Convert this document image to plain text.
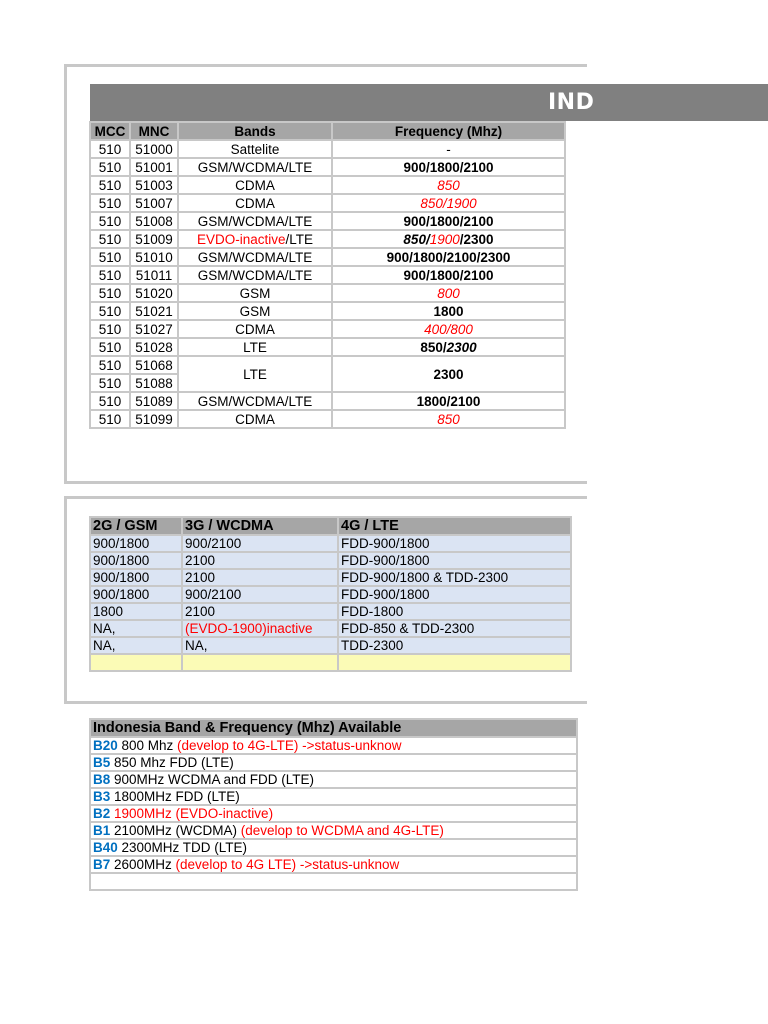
IND
MCC	MNC	Bands	Frequency (Mhz)
510	51000	Sattelite	-
510	51001	GSM/WCDMA/LTE	900/1800/2100
510	51003	CDMA	850
510	51007	CDMA	850/1900
510	51008	GSM/WCDMA/LTE	900/1800/2100
510	51009	EVDO-inactive/LTE	850/1900/2300
510	51010	GSM/WCDMA/LTE	900/1800/2100/2300
510	51011	GSM/WCDMA/LTE	900/1800/2100
510	51020	GSM	800
510	51021	GSM	1800
510	51027	CDMA	400/800
510	51028	LTE	850/2300
510	51068	LTE	2300
510	51088		
510	51089	GSM/WCDMA/LTE	1800/2100
510	51099	CDMA	850
2G / GSM	3G / WCDMA	4G / LTE
900/1800	900/2100	FDD-900/1800
900/1800	2100	FDD-900/1800
900/1800	2100	FDD-900/1800 & TDD-2300
900/1800	900/2100	FDD-900/1800
1800	2100	FDD-1800
NA,	(EVDO-1900)inactive	FDD-850 & TDD-2300
NA,	NA,	TDD-2300

Indonesia Band & Frequency (Mhz) Available
B20 800 Mhz (develop to 4G-LTE) ->status-unknow
B5 850 Mhz FDD (LTE)
B8 900MHz WCDMA and FDD (LTE)
B3 1800MHz FDD (LTE)
B2 1900MHz (EVDO-inactive)
B1 2100MHz (WCDMA) (develop to WCDMA and 4G-LTE)
B40 2300MHz TDD (LTE)
B7 2600MHz (develop to 4G LTE) ->status-unknow
